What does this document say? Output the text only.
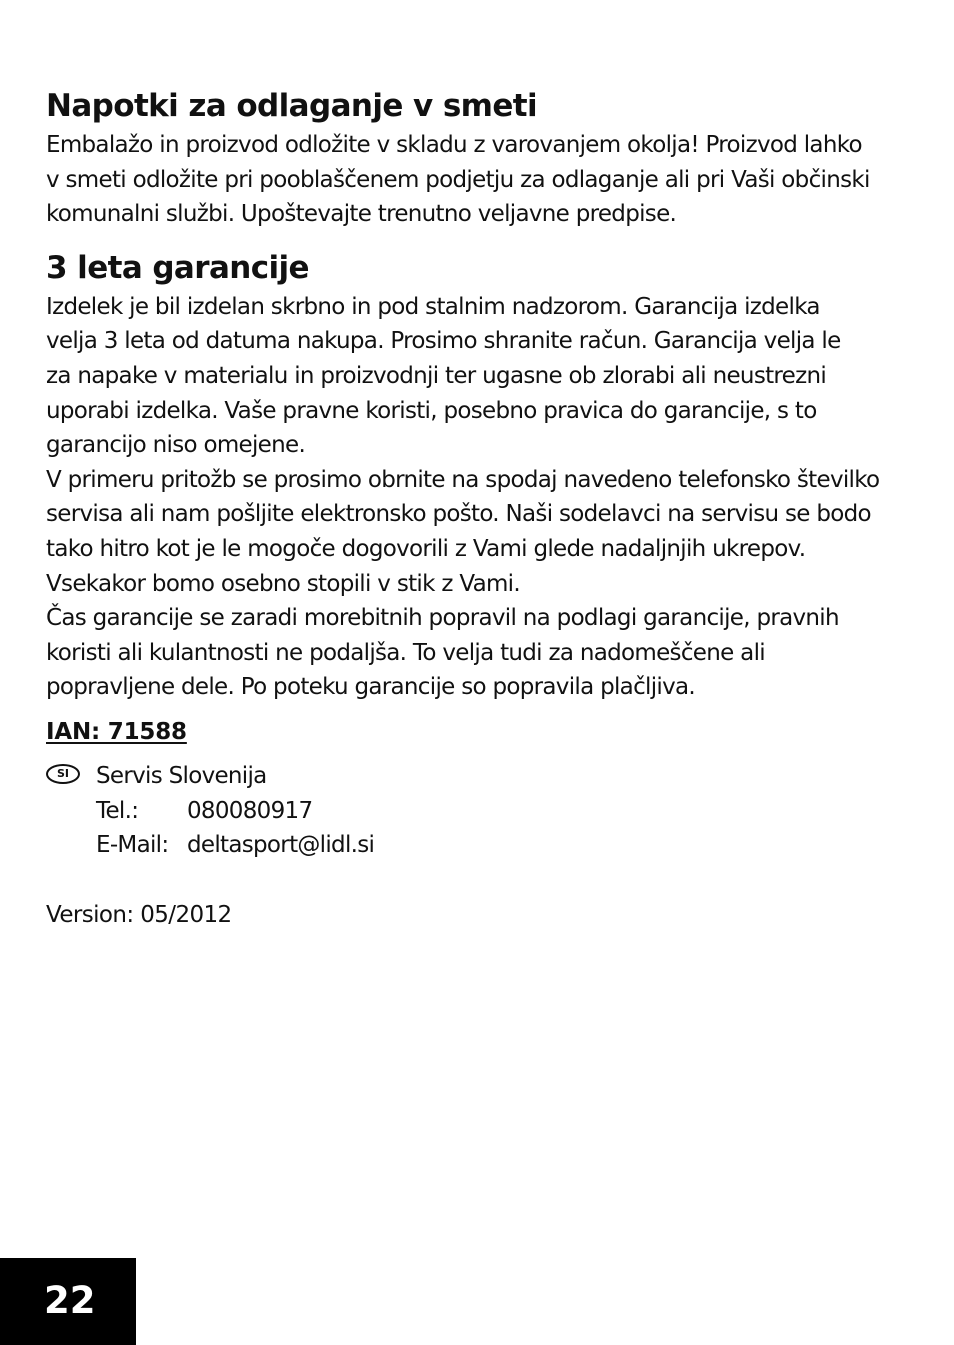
Napotki za odlaganje v smeti

Embalažo in proizvod odložite v skladu z varovanjem okolja! Proizvod lahko
v smeti odložite pri pooblaščenem podjetju za odlaganje ali pri Vaši občinski
komunalni službi. Upoštevajte trenutno veljavne predpise.

3 leta garancije

Izdelek je bil izdelan skrbno in pod stalnim nadzorom. Garancija izdelka
velja 3 leta od datuma nakupa. Prosimo shranite račun. Garancija velja le
za napake v materialu in proizvodnji ter ugasne ob zlorabi ali neustrezni
uporabi izdelka. Vaše pravne koristi, posebno pravica do garancije, s to
garancijo niso omejene.
V primeru pritožb se prosimo obrnite na spodaj navedeno telefonsko številko
servisa ali nam pošljite elektronsko pošto. Naši sodelavci na servisu se bodo
tako hitro kot je le mogoče dogovorili z Vami glede nadaljnjih ukrepov.
Vsekakor bomo osebno stopili v stik z Vami.
Čas garancije se zaradi morebitnih popravil na podlagi garancije, pravnih
koristi ali kulantnosti ne podaljša. To velja tudi za nadomeščene ali
popravljene dele. Po poteku garancije so popravila plačljiva.

IAN: 71588
SI	Servis Slovenija
Tel.: 080080917
E-Mail: deltasport@lidl.si
Version: 05/2012
22
